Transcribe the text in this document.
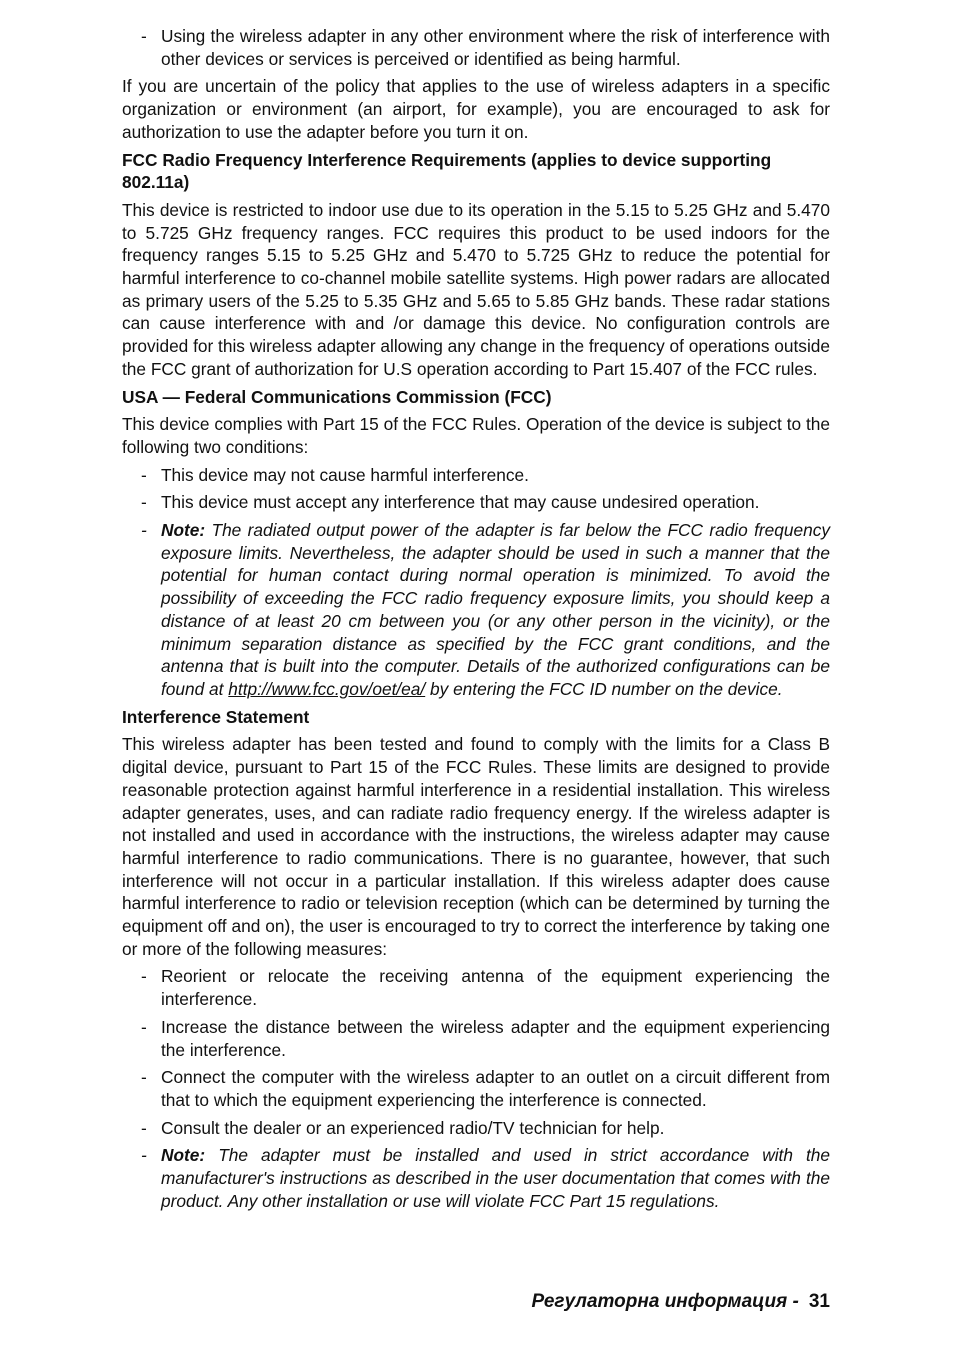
- Using the wireless adapter in any other environment where the risk of interference with other devices or services is perceived or identified as being harmful.

If you are uncertain of the policy that applies to the use of wireless adapters in a specific organization or environment (an airport, for example), you are encouraged to ask for authorization to use the adapter before you turn it on.

FCC Radio Frequency Interference Requirements (applies to device supporting 802.11a)

This device is restricted to indoor use due to its operation in the 5.15 to 5.25 GHz and 5.470 to 5.725 GHz frequency ranges. FCC requires this product to be used indoors for the frequency ranges 5.15 to 5.25 GHz and 5.470 to 5.725 GHz to reduce the potential for harmful interference to co-channel mobile satellite systems. High power radars are allocated as primary users of the 5.25 to 5.35 GHz and 5.65 to 5.85 GHz bands. These radar stations can cause interference with and /or damage this device. No configuration controls are provided for this wireless adapter allowing any change in the frequency of operations outside the FCC grant of authorization for U.S operation according to Part 15.407 of the FCC rules.

USA — Federal Communications Commission (FCC)

This device complies with Part 15 of the FCC Rules. Operation of the device is subject to the following two conditions:

- This device may not cause harmful interference.
- This device must accept any interference that may cause undesired operation.
- Note: The radiated output power of the adapter is far below the FCC radio frequency exposure limits. Nevertheless, the adapter should be used in such a manner that the potential for human contact during normal operation is minimized. To avoid the possibility of exceeding the FCC radio frequency exposure limits, you should keep a distance of at least 20 cm between you (or any other person in the vicinity), or the minimum separation distance as specified by the FCC grant conditions, and the antenna that is built into the computer. Details of the authorized configurations can be found at http://www.fcc.gov/oet/ea/ by entering the FCC ID number on the device.

Interference Statement

This wireless adapter has been tested and found to comply with the limits for a Class B digital device, pursuant to Part 15 of the FCC Rules. These limits are designed to provide reasonable protection against harmful interference in a residential installation. This wireless adapter generates, uses, and can radiate radio frequency energy. If the wireless adapter is not installed and used in accordance with the instructions, the wireless adapter may cause harmful interference to radio communications. There is no guarantee, however, that such interference will not occur in a particular installation. If this wireless adapter does cause harmful interference to radio or television reception (which can be determined by turning the equipment off and on), the user is encouraged to try to correct the interference by taking one or more of the following measures:

- Reorient or relocate the receiving antenna of the equipment experiencing the interference.
- Increase the distance between the wireless adapter and the equipment experiencing the interference.
- Connect the computer with the wireless adapter to an outlet on a circuit different from that to which the equipment experiencing the interference is connected.
- Consult the dealer or an experienced radio/TV technician for help.
- Note: The adapter must be installed and used in strict accordance with the manufacturer's instructions as described in the user documentation that comes with the product. Any other installation or use will violate FCC Part 15 regulations.
Регулаторна информация - 31
